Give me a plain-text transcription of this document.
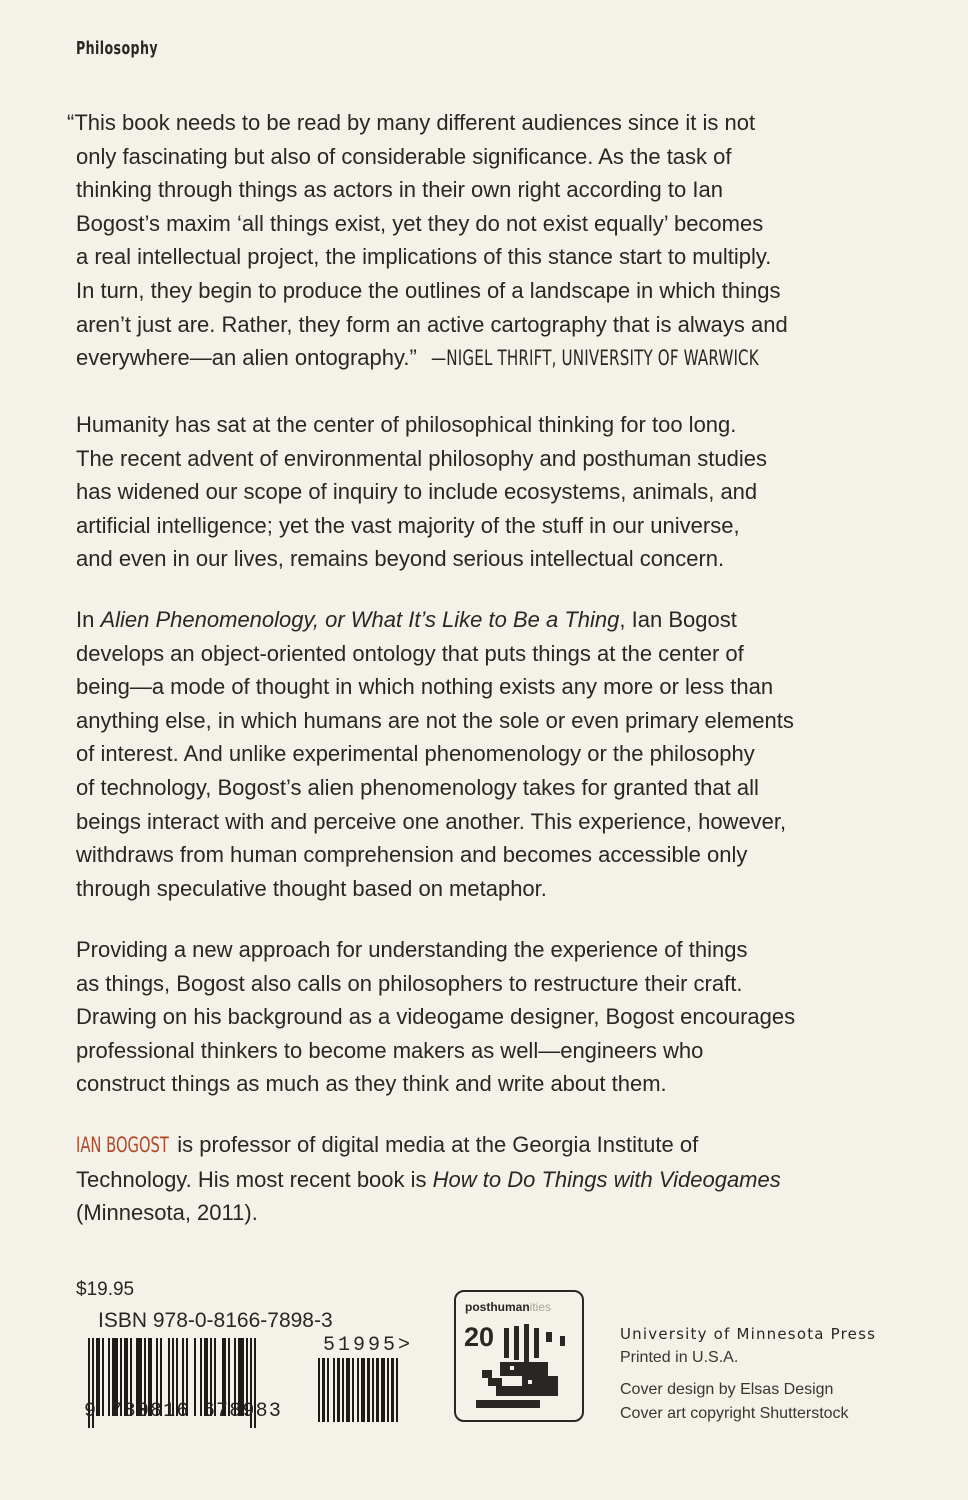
Philosophy
“This book needs to be read by many different audiences since it is not
only fascinating but also of considerable significance. As the task of
thinking through things as actors in their own right according to Ian
Bogost’s maxim ‘all things exist, yet they do not exist equally’ becomes
a real intellectual project, the implications of this stance start to multiply.
In turn, they begin to produce the outlines of a landscape in which things
aren’t just are. Rather, they form an active cartography that is always and
everywhere—an alien ontography.” —NIGEL THRIFT, UNIVERSITY OF WARWICK
Humanity has sat at the center of philosophical thinking for too long.
The recent advent of environmental philosophy and posthuman studies
has widened our scope of inquiry to include ecosystems, animals, and
artificial intelligence; yet the vast majority of the stuff in our universe,
and even in our lives, remains beyond serious intellectual concern.
In Alien Phenomenology, or What It’s Like to Be a Thing, Ian Bogost
develops an object-oriented ontology that puts things at the center of
being—a mode of thought in which nothing exists any more or less than
anything else, in which humans are not the sole or even primary elements
of interest. And unlike experimental phenomenology or the philosophy
of technology, Bogost’s alien phenomenology takes for granted that all
beings interact with and perceive one another. This experience, however,
withdraws from human comprehension and becomes accessible only
through speculative thought based on metaphor.
Providing a new approach for understanding the experience of things
as things, Bogost also calls on philosophers to restructure their craft.
Drawing on his background as a videogame designer, Bogost encourages
professional thinkers to become makers as well—engineers who
construct things as much as they think and write about them.
IAN BOGOST is professor of digital media at the Georgia Institute of
Technology. His most recent book is How to Do Things with Videogames
(Minnesota, 2011).
$19.95
ISBN 978-0-8166-7898-3
9 780816 678983
51995>
posthumanities
20	University of Minnesota Press
Printed in U.S.A.
Cover design by Elsas Design
Cover art copyright Shutterstock
